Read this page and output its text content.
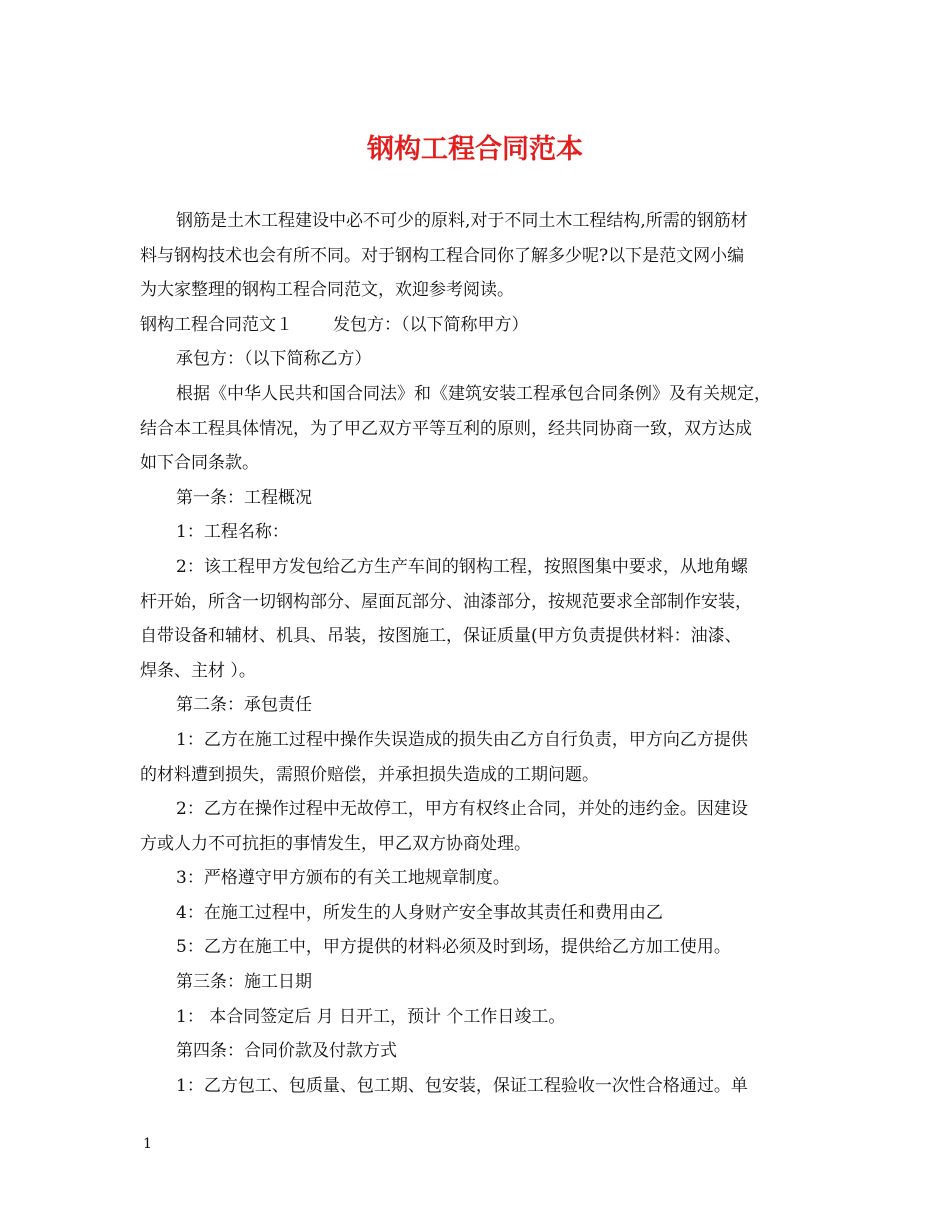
钢构工程合同范本
钢筋是土木工程建设中必不可少的原料,对于不同土木工程结构,所需的钢筋材
料与钢构技术也会有所不同。对于钢构工程合同你了解多少呢?以下是范文网小编
为大家整理的钢构工程合同范文，欢迎参考阅读。
钢构工程合同范文１ 发包方：（以下简称甲方）
承包方：（以下简称乙方）
根据《中华人民共和国合同法》和《建筑安装工程承包合同条例》及有关规定，
结合本工程具体情况，为了甲乙双方平等互利的原则，经共同协商一致，双方达成
如下合同条款。
第一条：工程概况
1：工程名称：
2：该工程甲方发包给乙方生产车间的钢构工程，按照图集中要求，从地角螺
杆开始，所含一切钢构部分、屋面瓦部分、油漆部分，按规范要求全部制作安装，
自带设备和辅材、机具、吊装，按图施工，保证质量(甲方负责提供材料：油漆、
焊条、主材 ）。
第二条：承包责任
1：乙方在施工过程中操作失误造成的损失由乙方自行负责，甲方向乙方提供
的材料遭到损失，需照价赔偿，并承担损失造成的工期问题。
2：乙方在操作过程中无故停工，甲方有权终止合同，并处的违约金。因建设
方或人力不可抗拒的事情发生，甲乙双方协商处理。
3：严格遵守甲方颁布的有关工地规章制度。
4：在施工过程中，所发生的人身财产安全事故其责任和费用由乙
5：乙方在施工中，甲方提供的材料必须及时到场，提供给乙方加工使用。
第三条：施工日期
1： 本合同签定后 月 日开工，预计 个工作日竣工。
第四条：合同价款及付款方式
1：乙方包工、包质量、包工期、包安装，保证工程验收一次性合格通过。单
1
